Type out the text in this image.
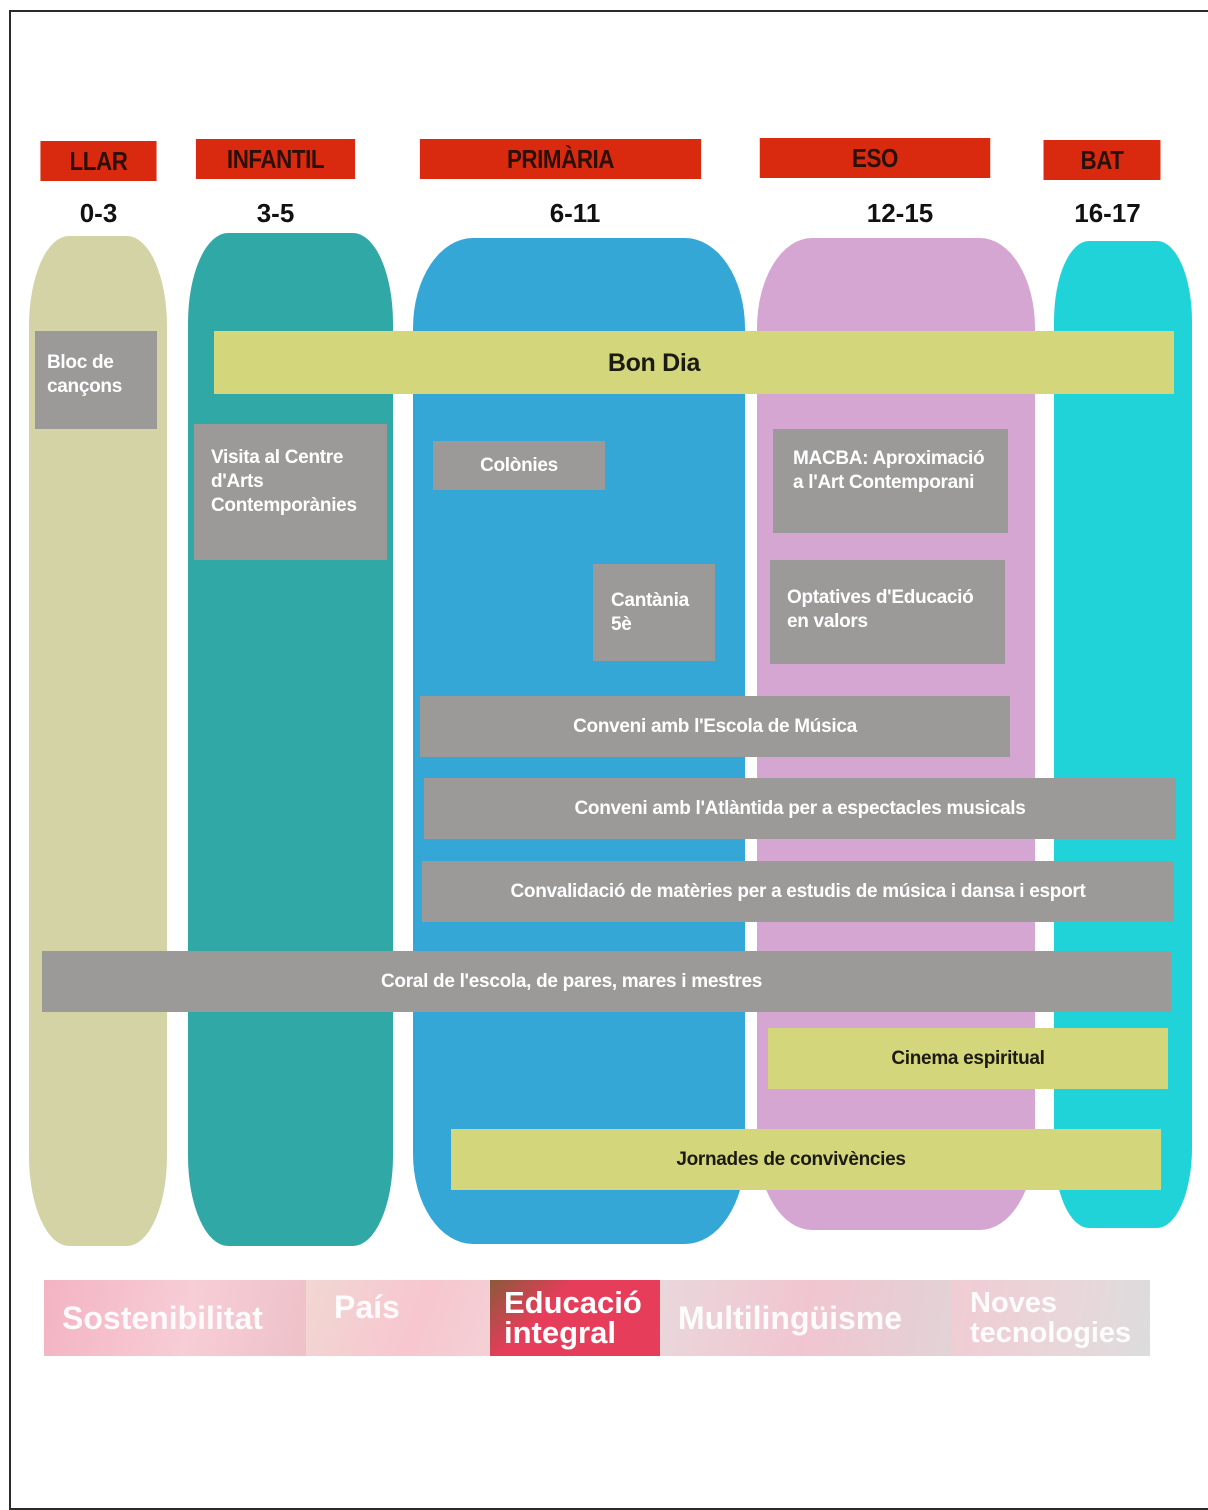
LLAR	INFANTIL	PRIMÀRIA	ESO	BAT
0-3	3-5	6-11	12-15	16-17
Bloc de
cançons
Bon Dia
Visita al Centre
d'Arts
Contemporànies
Colònies	MACBA: Aproximació
a l'Art Contemporani
Cantània
5è
Optatives d'Educació
en valors
Conveni amb l'Escola de Música
Conveni amb l'Atlàntida per a espectacles musicals
Convalidació de matèries per a estudis de música i dansa i esport
Coral de l'escola, de pares, mares i mestres
Cinema espiritual
Jornades de convivències
Sostenibilitat	País	Educació
integral	Multilingüisme	Noves
tecnologies
